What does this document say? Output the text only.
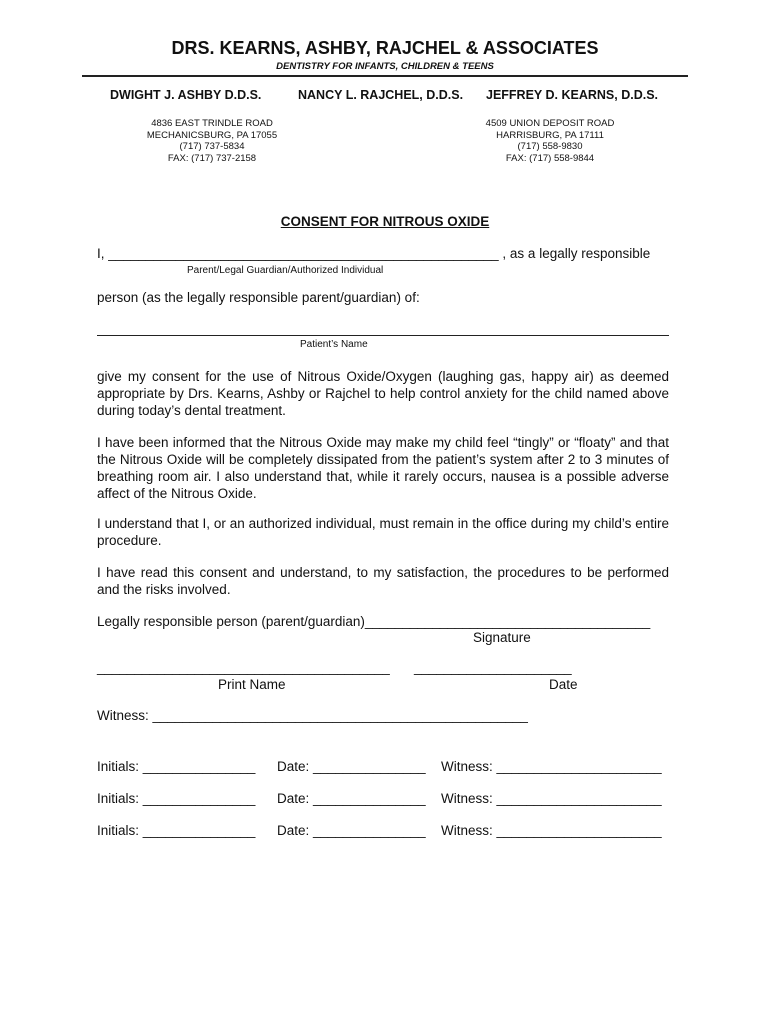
DRS. KEARNS, ASHBY, RAJCHEL & ASSOCIATES
DENTISTRY FOR INFANTS, CHILDREN & TEENS
DWIGHT J. ASHBY D.D.S.	NANCY L. RAJCHEL, D.D.S. JEFFREY D. KEARNS, D.D.S.
4836 EAST TRINDLE ROAD
MECHANICSBURG, PA 17055
(717) 737-5834
FAX: (717) 737-2158
4509 UNION DEPOSIT ROAD
HARRISBURG, PA 17111
(717) 558-9830
FAX: (717) 558-9844
CONSENT FOR NITROUS OXIDE
I, ____________________________________________________ , as a legally responsible
Parent/Legal Guardian/Authorized Individual
person (as the legally responsible parent/guardian) of:
Patient’s Name
give my consent for the use of Nitrous Oxide/Oxygen (laughing gas, happy air) as deemed appropriate by Drs. Kearns, Ashby or Rajchel to help control anxiety for the child named above during today’s dental treatment.
I have been informed that the Nitrous Oxide may make my child feel “tingly” or “floaty” and that the Nitrous Oxide will be completely dissipated from the patient’s system after 2 to 3 minutes of breathing room air. I also understand that, while it rarely occurs, nausea is a possible adverse affect of the Nitrous Oxide.
I understand that I, or an authorized individual, must remain in the office during my child’s entire procedure.
I have read this consent and understand, to my satisfaction, the procedures to be performed and the risks involved.
Legally responsible person (parent/guardian)______________________________________
Signature
_______________________________________ _____________________
Print Name	Date
Witness: __________________________________________________
Initials: _______________ Date: _______________ Witness: ______________________
Initials: _______________ Date: _______________ Witness: ______________________
Initials: _______________ Date: _______________ Witness: ______________________
